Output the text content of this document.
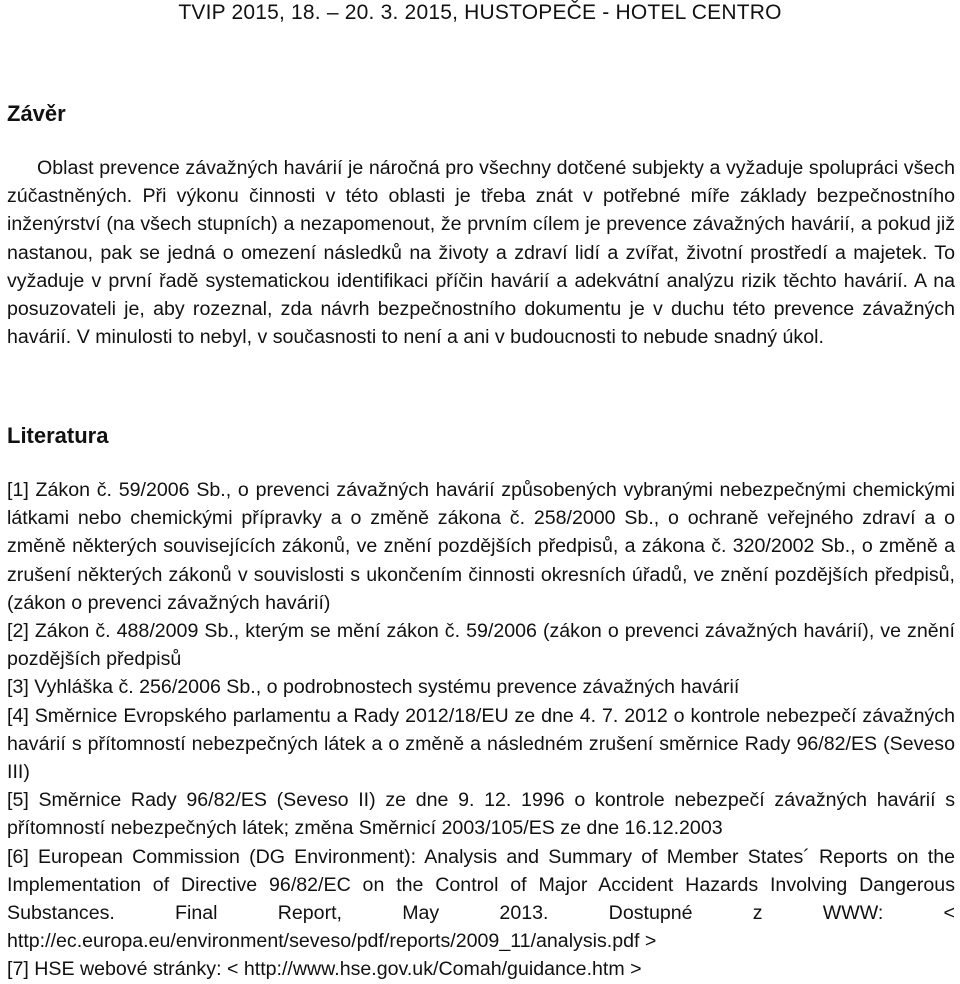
TVIP 2015, 18. – 20. 3. 2015, HUSTOPEČE - HOTEL CENTRO
Závěr

Oblast prevence závažných havárií je náročná pro všechny dotčené subjekty a vyžaduje spolupráci všech zúčastněných. Při výkonu činnosti v této oblasti je třeba znát v potřebné míře základy bezpečnostního inženýrství (na všech stupních) a nezapomenout, že prvním cílem je prevence závažných havárií, a pokud již nastanou, pak se jedná o omezení následků na životy a zdraví lidí a zvířat, životní prostředí a majetek. To vyžaduje v první řadě systematickou identifikaci příčin havárií a adekvátní analýzu rizik těchto havárií. A na posuzovateli je, aby rozeznal, zda návrh bezpečnostního dokumentu je v duchu této prevence závažných havárií. V minulosti to nebyl, v současnosti to není a ani v budoucnosti to nebude snadný úkol.

Literatura
[1] Zákon č. 59/2006 Sb., o prevenci závažných havárií způsobených vybranými nebezpečnými chemickými látkami nebo chemickými přípravky a o změně zákona č. 258/2000 Sb., o ochraně veřejného zdraví a o změně některých souvisejících zákonů, ve znění pozdějších předpisů, a zákona č. 320/2002 Sb., o změně a zrušení některých zákonů v souvislosti s ukončením činnosti okresních úřadů, ve znění pozdějších předpisů, (zákon o prevenci závažných havárií)
[2] Zákon č. 488/2009 Sb., kterým se mění zákon č. 59/2006 (zákon o prevenci závažných havárií), ve znění pozdějších předpisů
[3] Vyhláška č. 256/2006 Sb., o podrobnostech systému prevence závažných havárií
[4] Směrnice Evropského parlamentu a Rady 2012/18/EU ze dne 4. 7. 2012 o kontrole nebezpečí závažných havárií s přítomností nebezpečných látek a o změně a následném zrušení směrnice Rady 96/82/ES (Seveso III)
[5] Směrnice Rady 96/82/ES (Seveso II) ze dne 9. 12. 1996 o kontrole nebezpečí závažných havárií s přítomností nebezpečných látek; změna Směrnicí 2003/105/ES ze dne 16.12.2003
[6] European Commission (DG Environment): Analysis and Summary of Member States´ Reports on the Implementation of Directive 96/82/EC on the Control of Major Accident Hazards Involving Dangerous Substances. Final Report, May 2013. Dostupné z WWW: < http://ec.europa.eu/environment/seveso/pdf/reports/2009_11/analysis.pdf >
[7] HSE webové stránky: < http://www.hse.gov.uk/Comah/guidance.htm >
